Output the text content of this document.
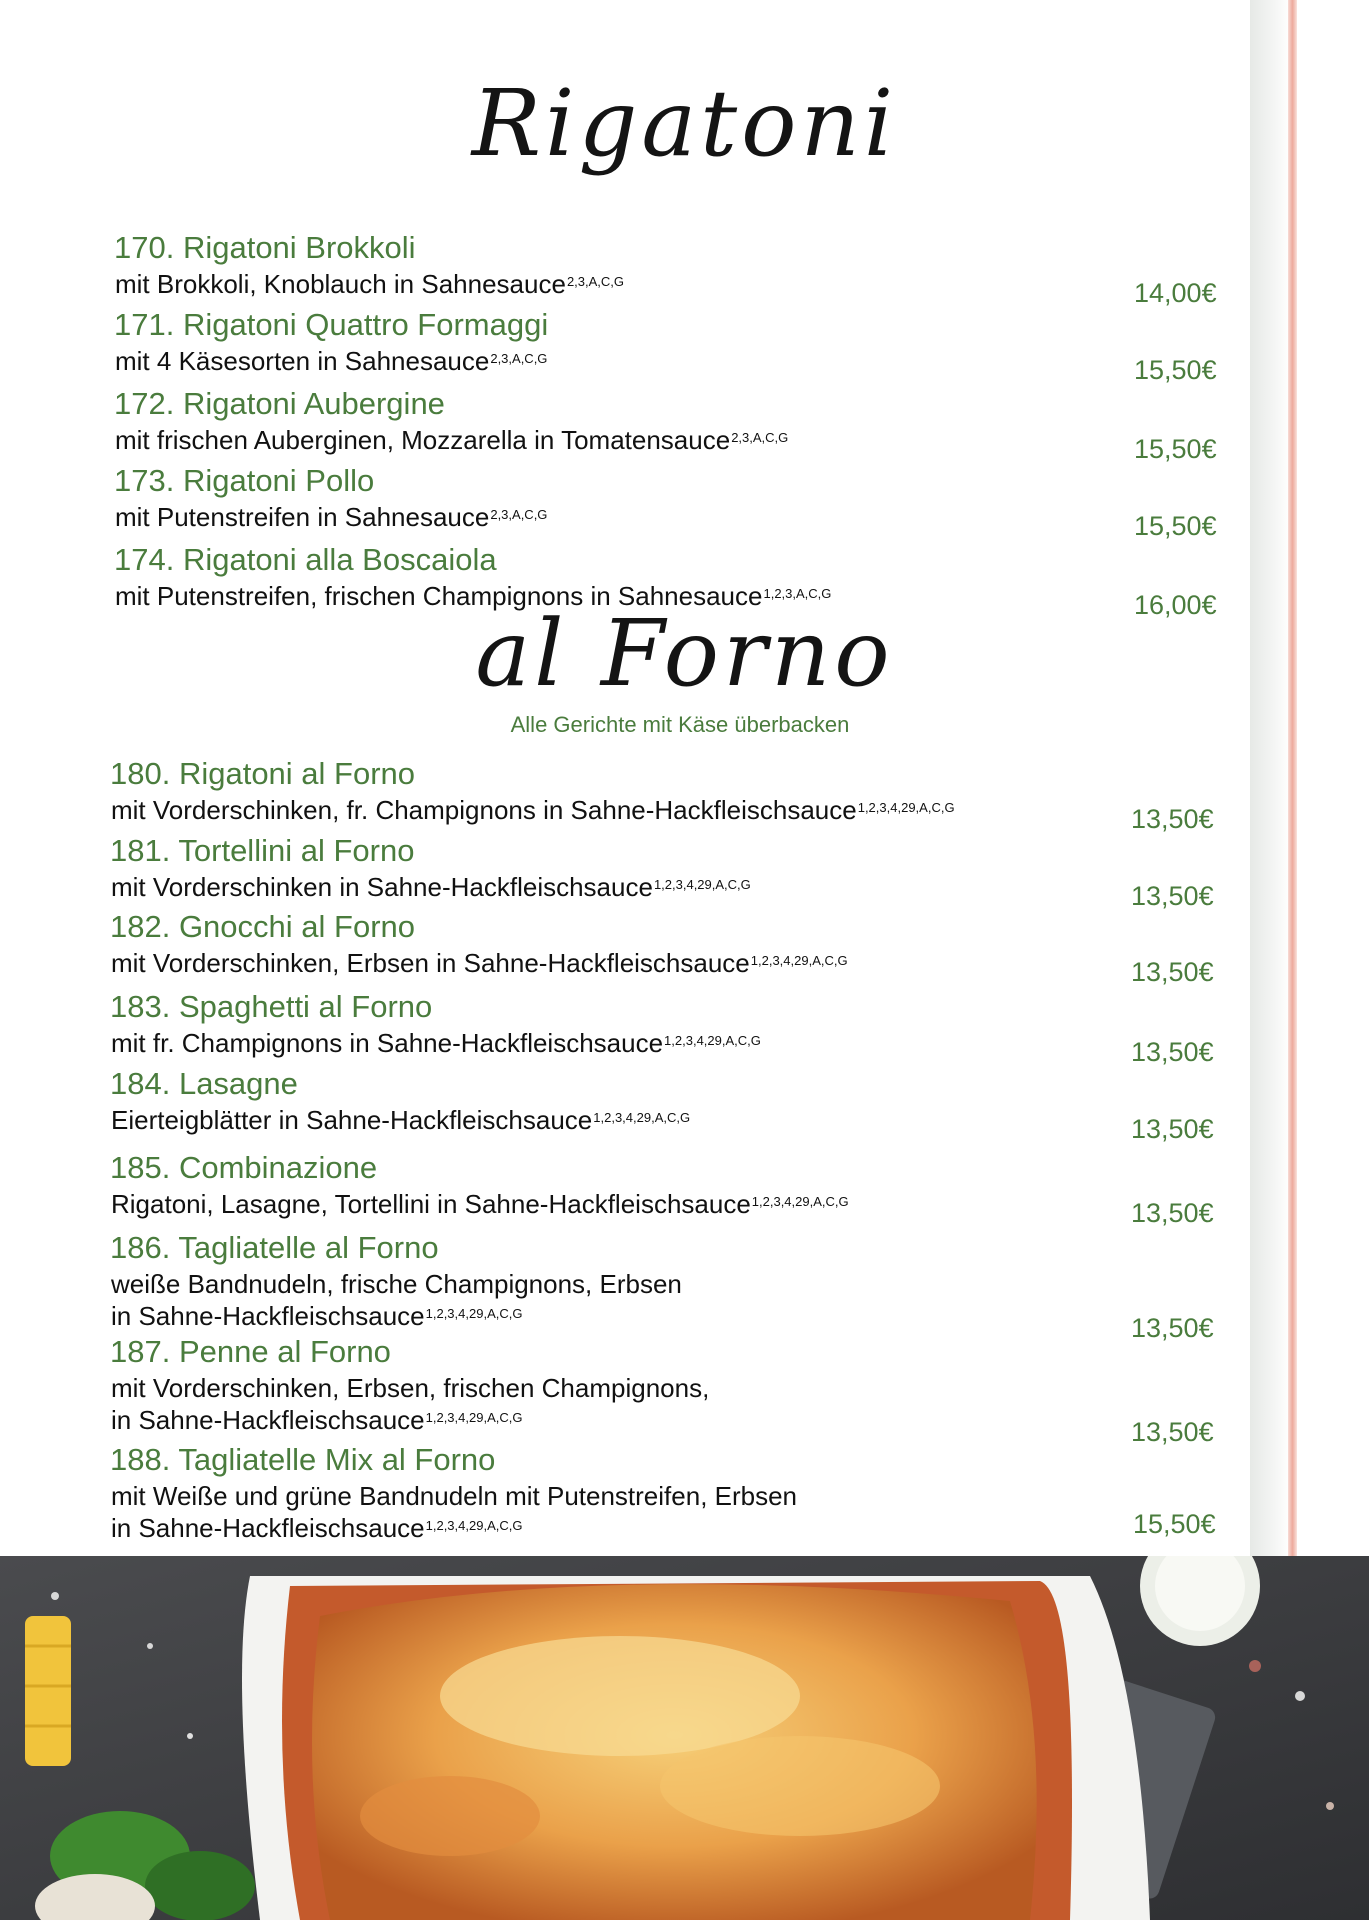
Rigatoni
170. Rigatoni Brokkoli
mit Brokkoli, Knoblauch in Sahnesauce$^{2,3,A,C,G}$	14,00€
171. Rigatoni Quattro Formaggi
mit 4 Käsesorten in Sahnesauce$^{2,3,A,C,G}$	15,50€
172. Rigatoni Aubergine
mit frischen Auberginen, Mozzarella in Tomatensauce$^{2,3,A,C,G}$	15,50€
173. Rigatoni Pollo
mit Putenstreifen in Sahnesauce$^{2,3,A,C,G}$	15,50€
174. Rigatoni alla Boscaiola
mit Putenstreifen, frischen Champignons in Sahnesauce$^{1,2,3,A,C,G}$	16,00€
al Forno
Alle Gerichte mit Käse überbacken
180. Rigatoni al Forno
mit Vorderschinken, fr. Champignons in Sahne-Hackfleischsauce$^{1,2,3,4,29,A,C,G}$	13,50€
181. Tortellini al Forno
mit Vorderschinken in Sahne-Hackfleischsauce$^{1,2,3,4,29,A,C,G}$	13,50€
182. Gnocchi al Forno
mit Vorderschinken, Erbsen in Sahne-Hackfleischsauce$^{1,2,3,4,29,A,C,G}$	13,50€
183. Spaghetti al Forno
mit fr. Champignons in Sahne-Hackfleischsauce$^{1,2,3,4,29,A,C,G}$	13,50€
184. Lasagne
Eierteigblätter in Sahne-Hackfleischsauce$^{1,2,3,4,29,A,C,G}$	13,50€
185. Combinazione
Rigatoni, Lasagne, Tortellini in Sahne-Hackfleischsauce$^{1,2,3,4,29,A,C,G}$	13,50€
186. Tagliatelle al Forno
weiße Bandnudeln, frische Champignons, Erbsen
in Sahne-Hackfleischsauce$^{1,2,3,4,29,A,C,G}$	13,50€
187. Penne al Forno
mit Vorderschinken, Erbsen, frischen Champignons,
in Sahne-Hackfleischsauce$^{1,2,3,4,29,A,C,G}$	13,50€
188. Tagliatelle Mix al Forno
mit Weiße und grüne Bandnudeln mit Putenstreifen, Erbsen
in Sahne-Hackfleischsauce$^{1,2,3,4,29,A,C,G}$	15,50€
